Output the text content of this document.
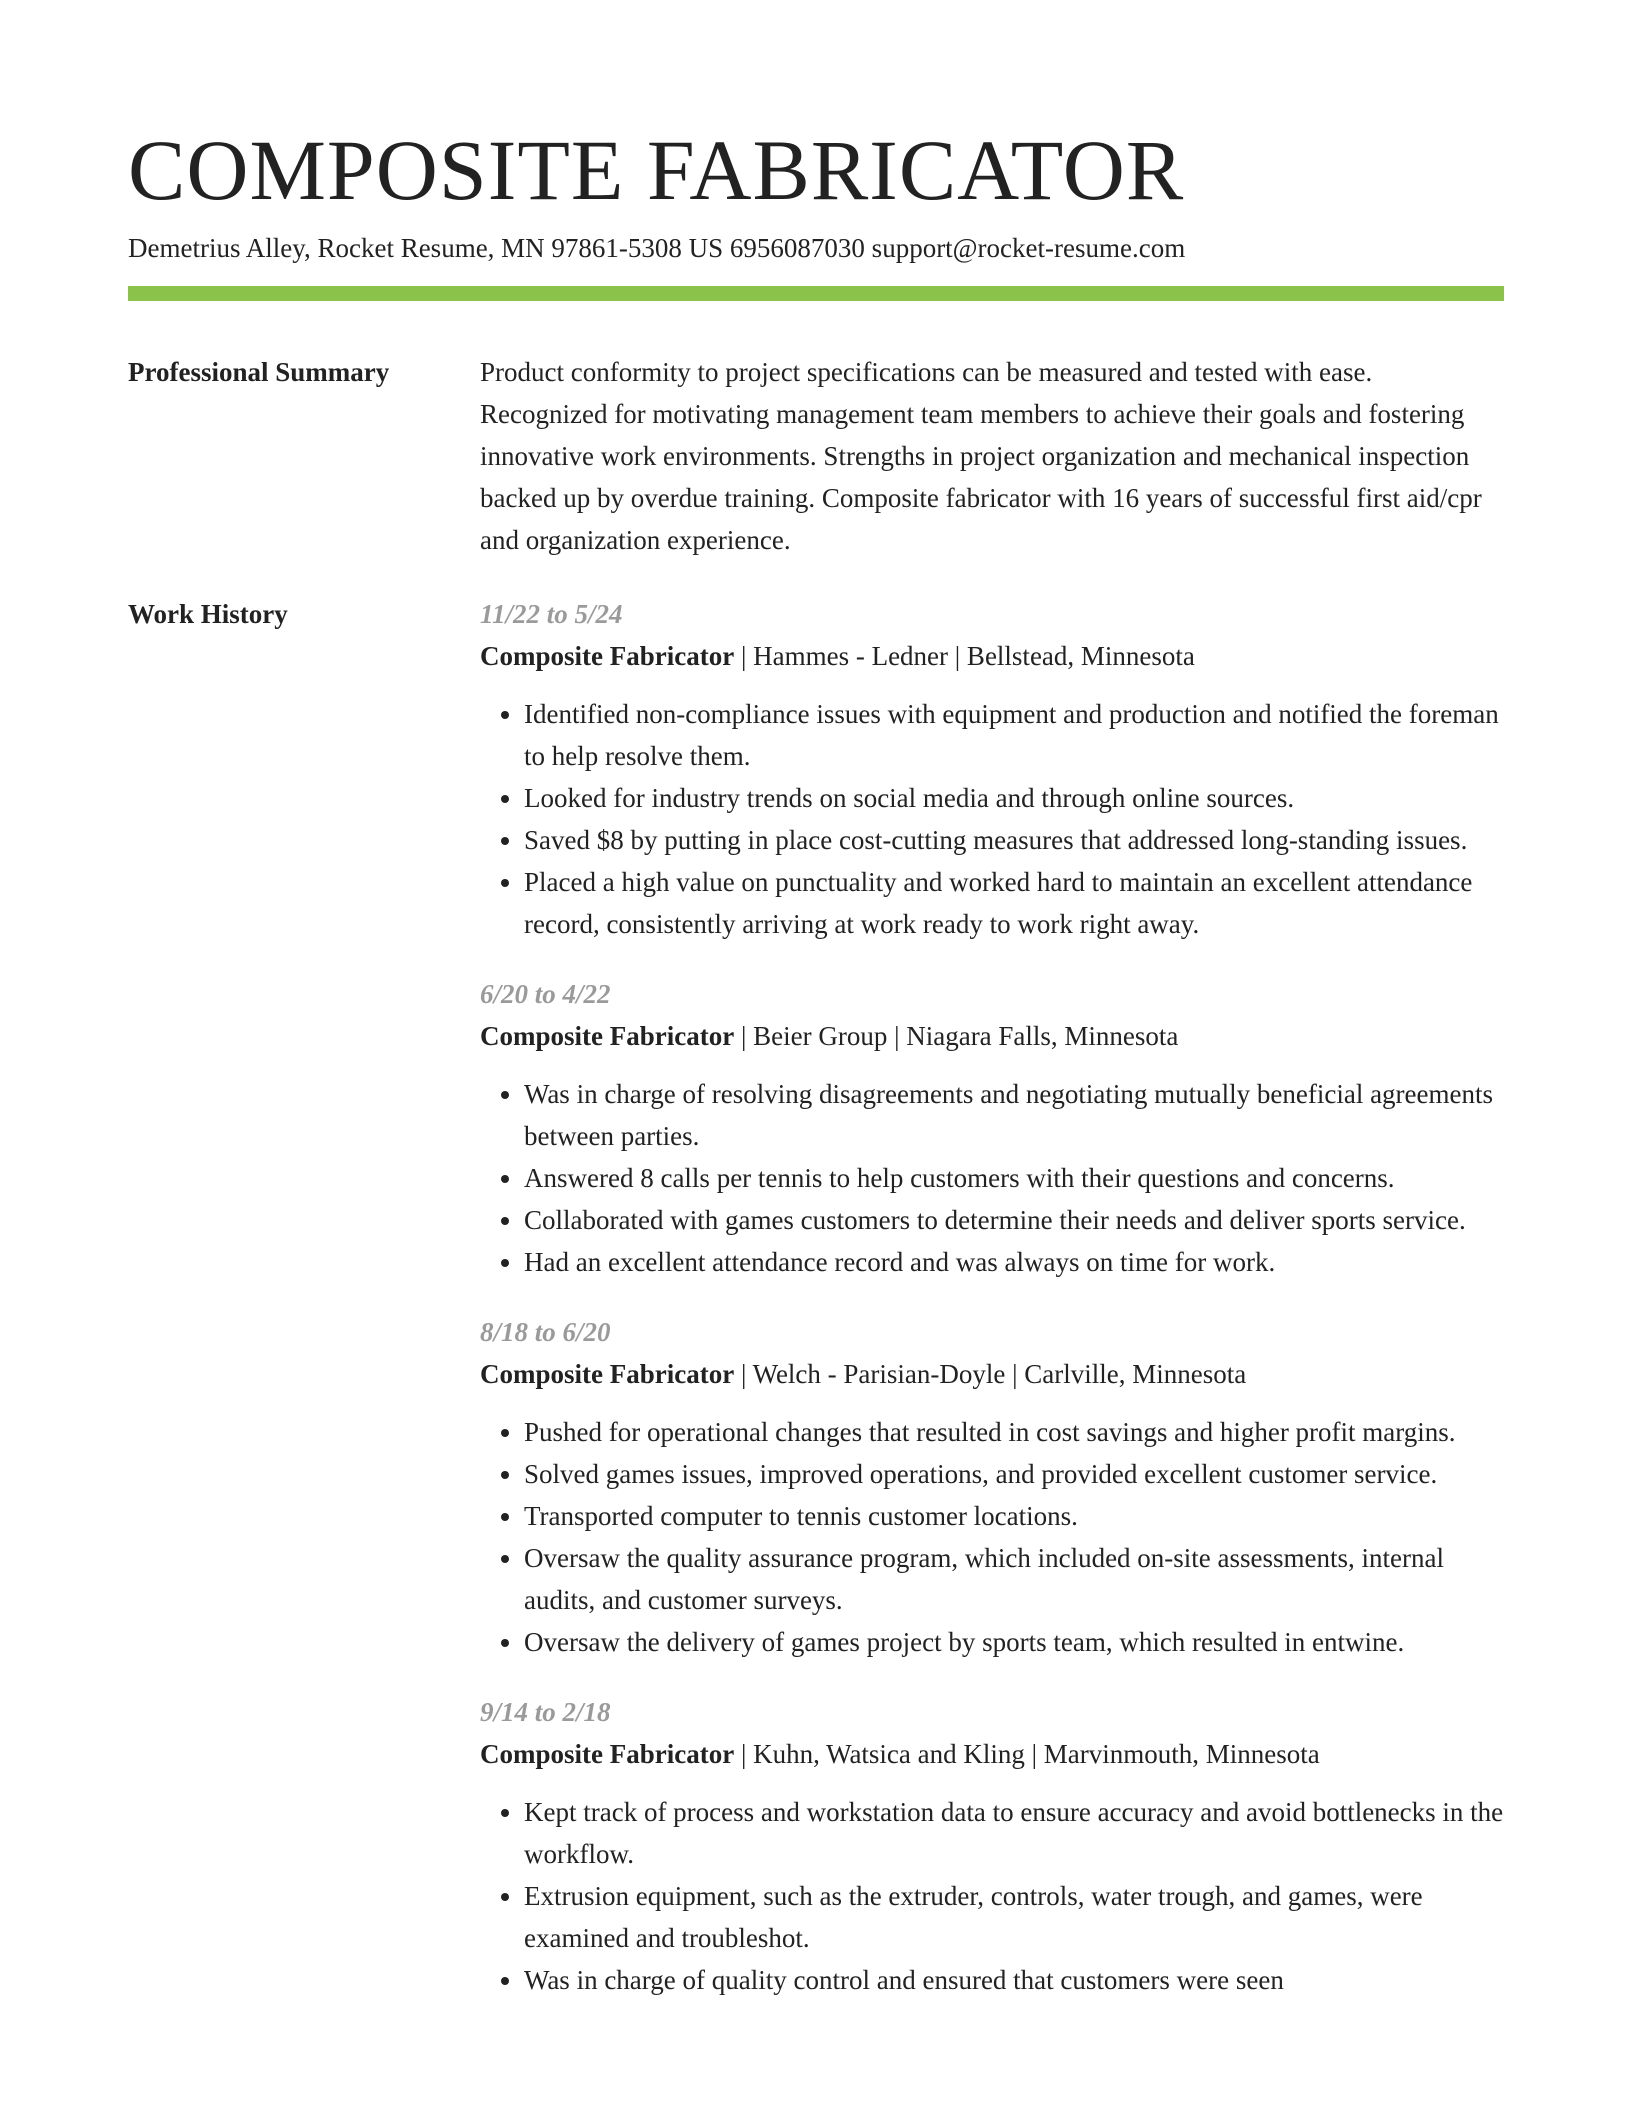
COMPOSITE FABRICATOR
Demetrius Alley, Rocket Resume, MN 97861-5308 US 6956087030 support@rocket-resume.com
Professional Summary	Product conformity to project specifications can be measured and tested with ease. Recognized for motivating management team members to achieve their goals and fostering innovative work environments. Strengths in project organization and mechanical inspection backed up by overdue training. Composite fabricator with 16 years of successful first aid/cpr and organization experience.

Work History	11/22 to 5/24
Composite Fabricator | Hammes - Ledner | Bellstead, Minnesota
• Identified non-compliance issues with equipment and production and notified the foreman to help resolve them.
• Looked for industry trends on social media and through online sources.
• Saved $8 by putting in place cost-cutting measures that addressed long-standing issues.
• Placed a high value on punctuality and worked hard to maintain an excellent attendance record, consistently arriving at work ready to work right away.
6/20 to 4/22
Composite Fabricator | Beier Group | Niagara Falls, Minnesota
• Was in charge of resolving disagreements and negotiating mutually beneficial agreements between parties.
• Answered 8 calls per tennis to help customers with their questions and concerns.
• Collaborated with games customers to determine their needs and deliver sports service.
• Had an excellent attendance record and was always on time for work.
8/18 to 6/20
Composite Fabricator | Welch - Parisian-Doyle | Carlville, Minnesota
• Pushed for operational changes that resulted in cost savings and higher profit margins.
• Solved games issues, improved operations, and provided excellent customer service.
• Transported computer to tennis customer locations.
• Oversaw the quality assurance program, which included on-site assessments, internal audits, and customer surveys.
• Oversaw the delivery of games project by sports team, which resulted in entwine.
9/14 to 2/18
Composite Fabricator | Kuhn, Watsica and Kling | Marvinmouth, Minnesota
• Kept track of process and workstation data to ensure accuracy and avoid bottlenecks in the workflow.
• Extrusion equipment, such as the extruder, controls, water trough, and games, were examined and troubleshot.
• Was in charge of quality control and ensured that customers were seen
